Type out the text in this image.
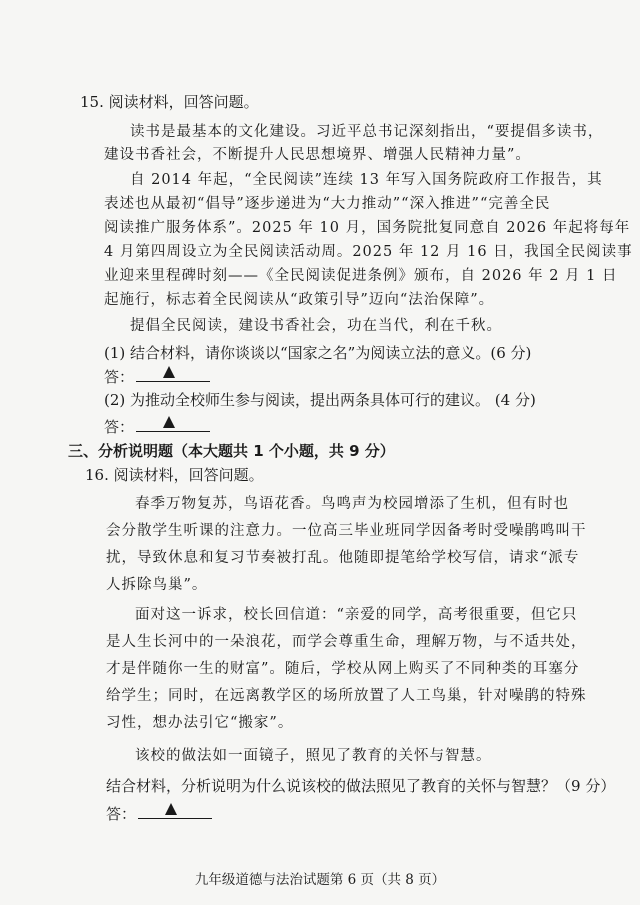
15. 阅读材料，回答问题。
读书是最基本的文化建设。习近平总书记深刻指出，“要提倡多读书，
建设书香社会，不断提升人民思想境界、增强人民精神力量”。
自 2014 年起，“全民阅读”连续 13 年写入国务院政府工作报告，其
表述也从最初“倡导”逐步递进为“大力推动”“深入推进”“完善全民
阅读推广服务体系”。2025 年 10 月，国务院批复同意自 2026 年起将每年
4 月第四周设立为全民阅读活动周。2025 年 12 月 16 日，我国全民阅读事
业迎来里程碑时刻——《全民阅读促进条例》颁布，自 2026 年 2 月 1 日
起施行，标志着全民阅读从“政策引导”迈向“法治保障”。
提倡全民阅读，建设书香社会，功在当代，利在千秋。
(1) 结合材料，请你谈谈以“国家之名”为阅读立法的意义。(6 分)
答：
(2) 为推动全校师生参与阅读，提出两条具体可行的建议。 (4 分)
答：
三、分析说明题（本大题共 1 个小题，共 9 分）
16. 阅读材料，回答问题。
春季万物复苏，鸟语花香。鸟鸣声为校园增添了生机，但有时也
会分散学生听课的注意力。一位高三毕业班同学因备考时受噪鹃鸣叫干
扰，导致休息和复习节奏被打乱。他随即提笔给学校写信，请求“派专
人拆除鸟巢”。
面对这一诉求，校长回信道：“亲爱的同学，高考很重要，但它只
是人生长河中的一朵浪花，而学会尊重生命，理解万物，与不适共处，
才是伴随你一生的财富”。随后，学校从网上购买了不同种类的耳塞分
给学生；同时，在远离教学区的场所放置了人工鸟巢，针对噪鹃的特殊
习性，想办法引它“搬家”。
该校的做法如一面镜子，照见了教育的关怀与智慧。
结合材料，分析说明为什么说该校的做法照见了教育的关怀与智慧？（9 分）
答：
九年级道德与法治试题第 6 页（共 8 页）
